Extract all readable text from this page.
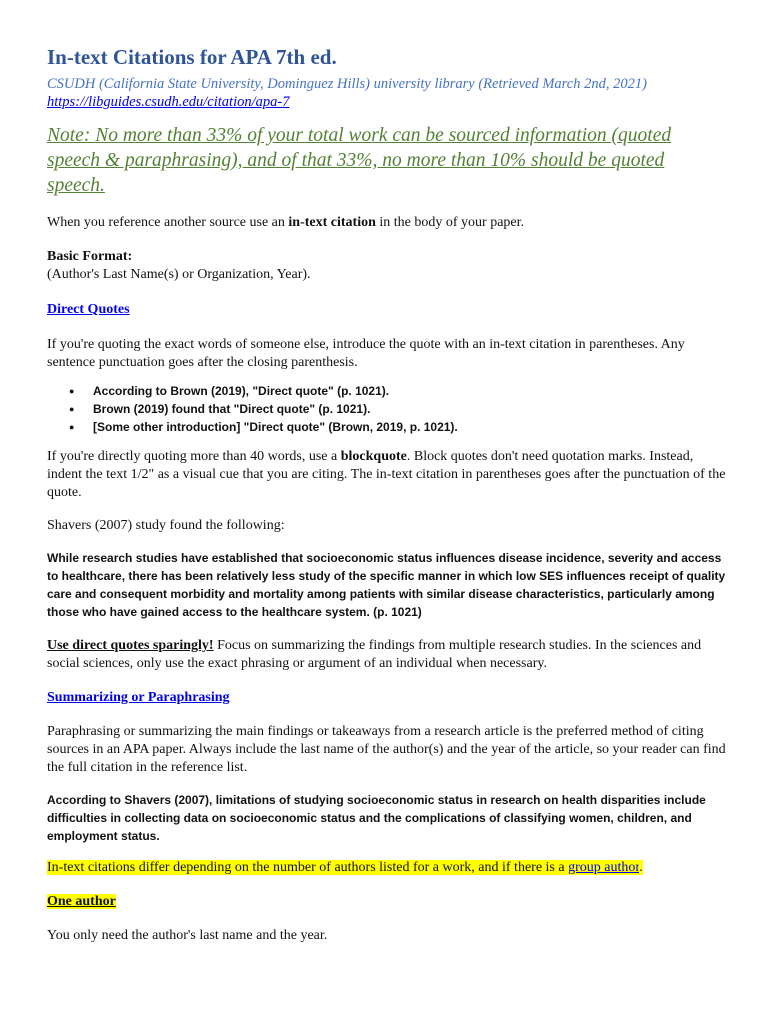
In-text Citations for APA 7th ed.
CSUDH (California State University, Dominguez Hills) university library (Retrieved March 2nd, 2021)
https://libguides.csudh.edu/citation/apa-7
Note: No more than 33% of your total work can be sourced information (quoted speech & paraphrasing), and of that 33%, no more than 10% should be quoted speech.

When you reference another source use an in-text citation in the body of your paper.

Basic Format:

(Author's Last Name(s) or Organization, Year).

Direct Quotes

If you're quoting the exact words of someone else, introduce the quote with an in-text citation in parentheses. Any sentence punctuation goes after the closing parenthesis.

● According to Brown (2019), "Direct quote" (p. 1021).
● Brown (2019) found that "Direct quote" (p. 1021).
● [Some other introduction] "Direct quote" (Brown, 2019, p. 1021).

If you're directly quoting more than 40 words, use a blockquote. Block quotes don't need quotation marks. Instead, indent the text 1/2" as a visual cue that you are citing. The in-text citation in parentheses goes after the punctuation of the quote.

Shavers (2007) study found the following:

While research studies have established that socioeconomic status influences disease incidence, severity and access to healthcare, there has been relatively less study of the specific manner in which low SES influences receipt of quality care and consequent morbidity and mortality among patients with similar disease characteristics, particularly among those who have gained access to the healthcare system. (p. 1021)

Use direct quotes sparingly! Focus on summarizing the findings from multiple research studies. In the sciences and social sciences, only use the exact phrasing or argument of an individual when necessary.

Summarizing or Paraphrasing

Paraphrasing or summarizing the main findings or takeaways from a research article is the preferred method of citing sources in an APA paper. Always include the last name of the author(s) and the year of the article, so your reader can find the full citation in the reference list.

According to Shavers (2007), limitations of studying socioeconomic status in research on health disparities include difficulties in collecting data on socioeconomic status and the complications of classifying women, children, and employment status.

In-text citations differ depending on the number of authors listed for a work, and if there is a group author.

One author

You only need the author's last name and the year.
